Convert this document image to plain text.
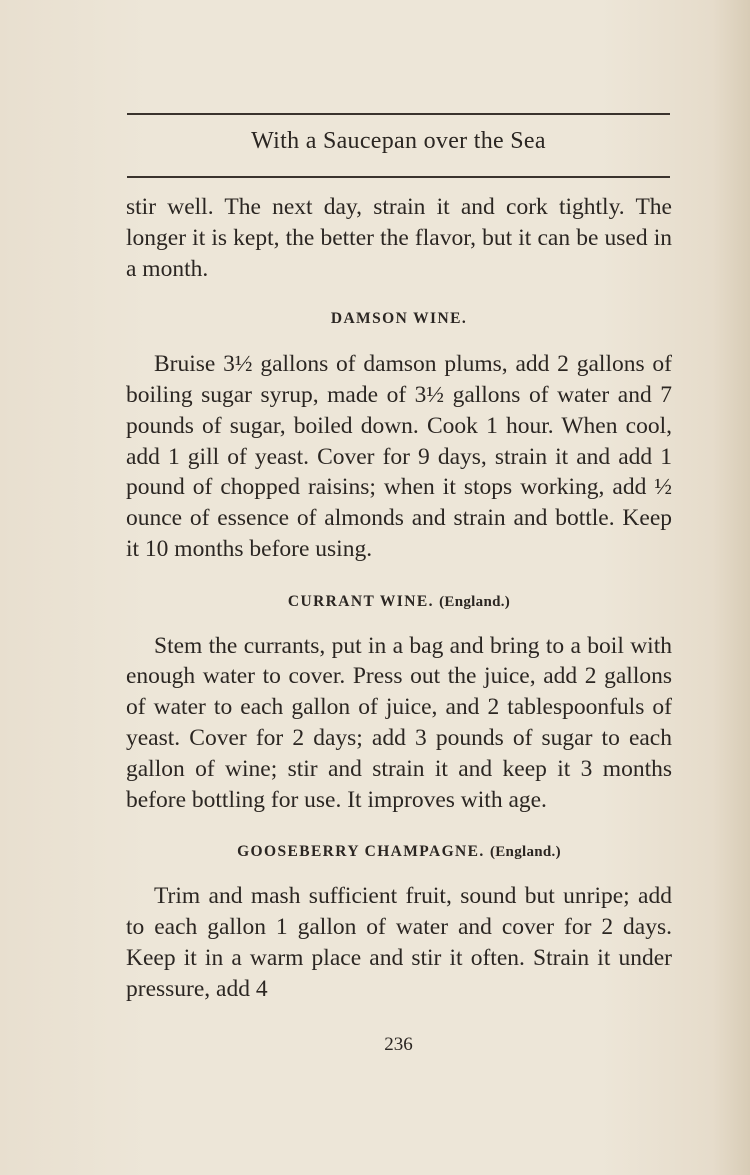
With a Saucepan over the Sea

stir well. The next day, strain it and cork tightly. The longer it is kept, the better the flavor, but it can be used in a month.

DAMSON WINE.

Bruise 3½ gallons of damson plums, add 2 gallons of boiling sugar syrup, made of 3½ gallons of water and 7 pounds of sugar, boiled down. Cook 1 hour. When cool, add 1 gill of yeast. Cover for 9 days, strain it and add 1 pound of chopped raisins; when it stops working, add ½ ounce of essence of almonds and strain and bottle. Keep it 10 months before using.

CURRANT WINE. (England.)

Stem the currants, put in a bag and bring to a boil with enough water to cover. Press out the juice, add 2 gallons of water to each gallon of juice, and 2 tablespoonfuls of yeast. Cover for 2 days; add 3 pounds of sugar to each gallon of wine; stir and strain it and keep it 3 months before bottling for use. It improves with age.

GOOSEBERRY CHAMPAGNE. (England.)

Trim and mash sufficient fruit, sound but unripe; add to each gallon 1 gallon of water and cover for 2 days. Keep it in a warm place and stir it often. Strain it under pressure, add 4

236
